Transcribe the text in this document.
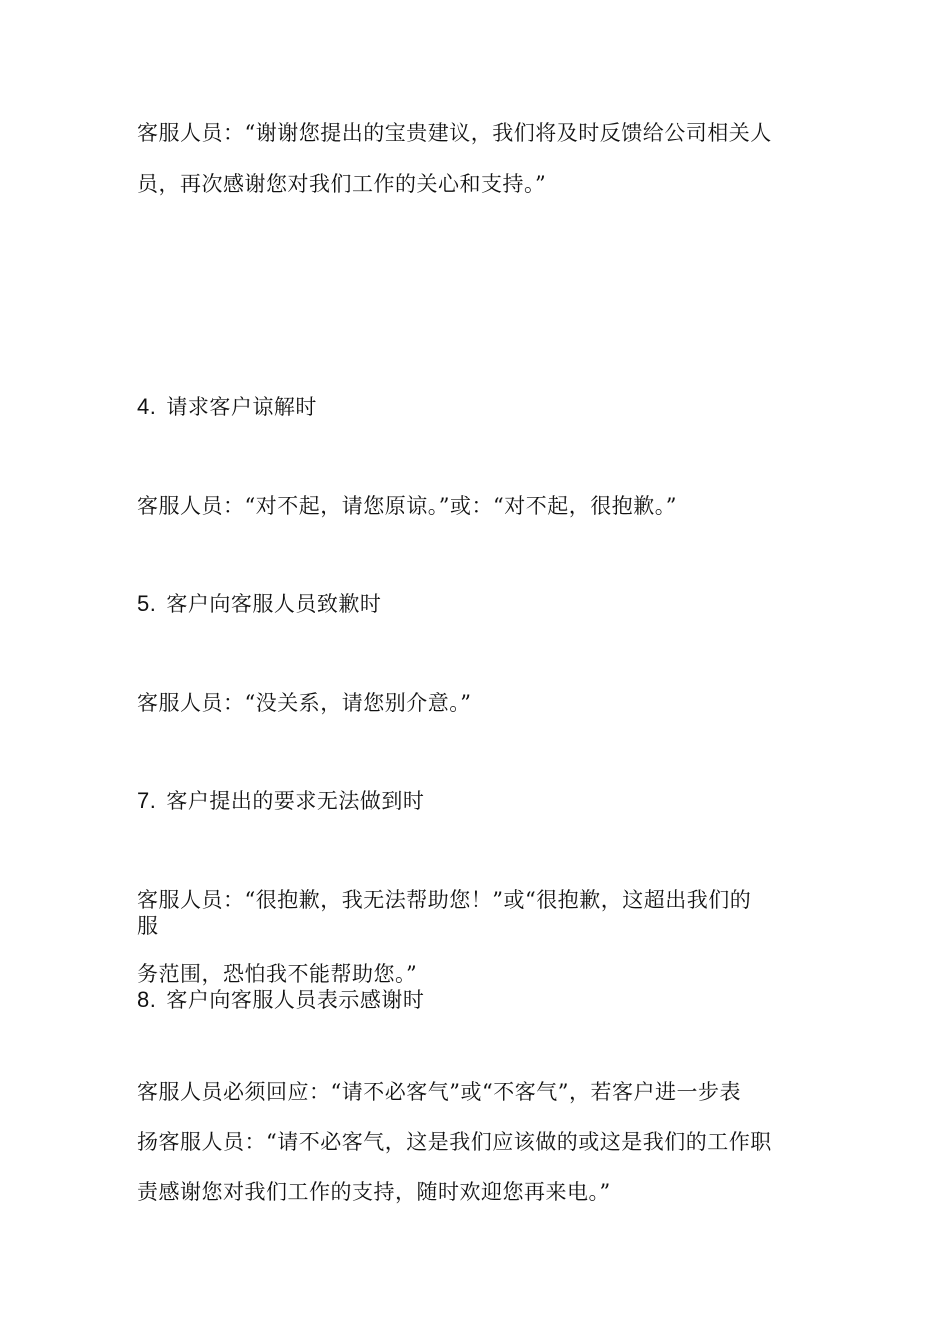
客服人员：“谢谢您提出的宝贵建议，我们将及时反馈给公司相关人
员，再次感谢您对我们工作的关心和支持。”
4. 请求客户谅解时
客服人员：“对不起，请您原谅。”或：“对不起，很抱歉。”
5. 客户向客服人员致歉时
客服人员：“没关系，请您别介意。”
7. 客户提出的要求无法做到时
客服人员：“很抱歉，我无法帮助您！”或“很抱歉，这超出我们的
服
务范围，恐怕我不能帮助您。”
8. 客户向客服人员表示感谢时
客服人员必须回应：“请不必客气”或“不客气”，若客户进一步表
扬客服人员：“请不必客气，这是我们应该做的或这是我们的工作职
责感谢您对我们工作的支持，随时欢迎您再来电。”
